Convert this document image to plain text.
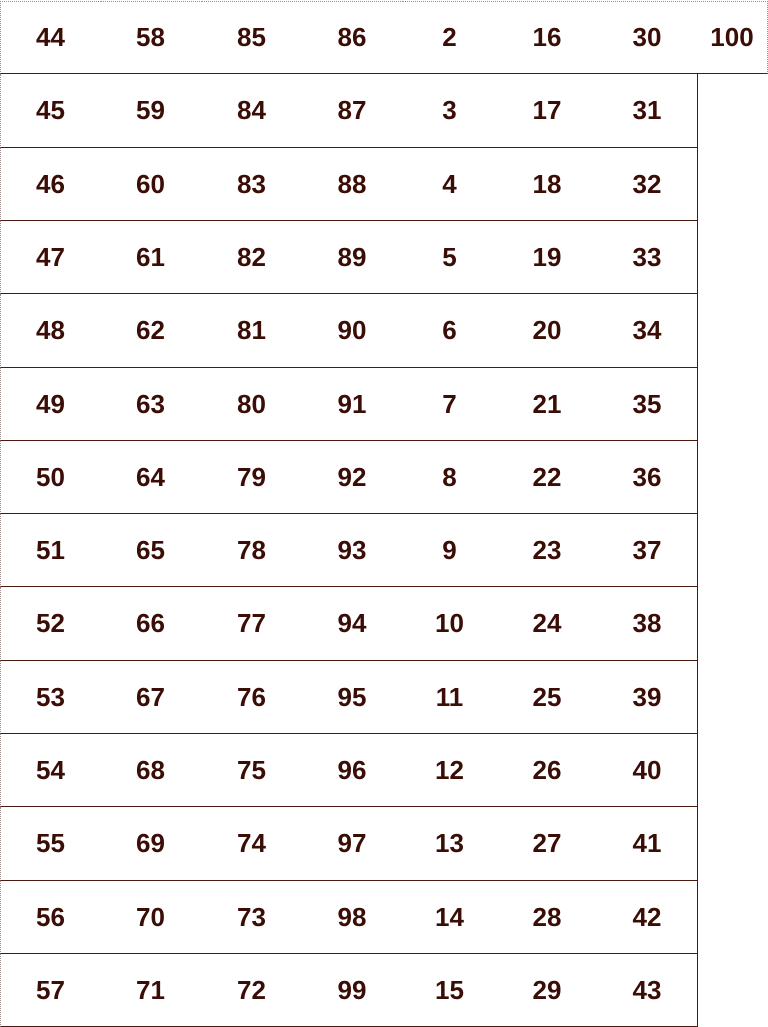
44
45
46
47
48
49
50
51
52
53
54
55
56
57
58
59
60
61
62
63
64
65
66
67
68
69
70
71
85
84
83
82
81
80
79
78
77
76
75
74
73
72
86
87
88
89
90
91
92
93
94
95
96
97
98
99
2
3
4
5
6
7
8
9
10
11
12
13
14
15
16
17
18
19
20
21
22
23
24
25
26
27
28
29
30
31
32
33
34
35
36
37
38
39
40
41
42
43
100
